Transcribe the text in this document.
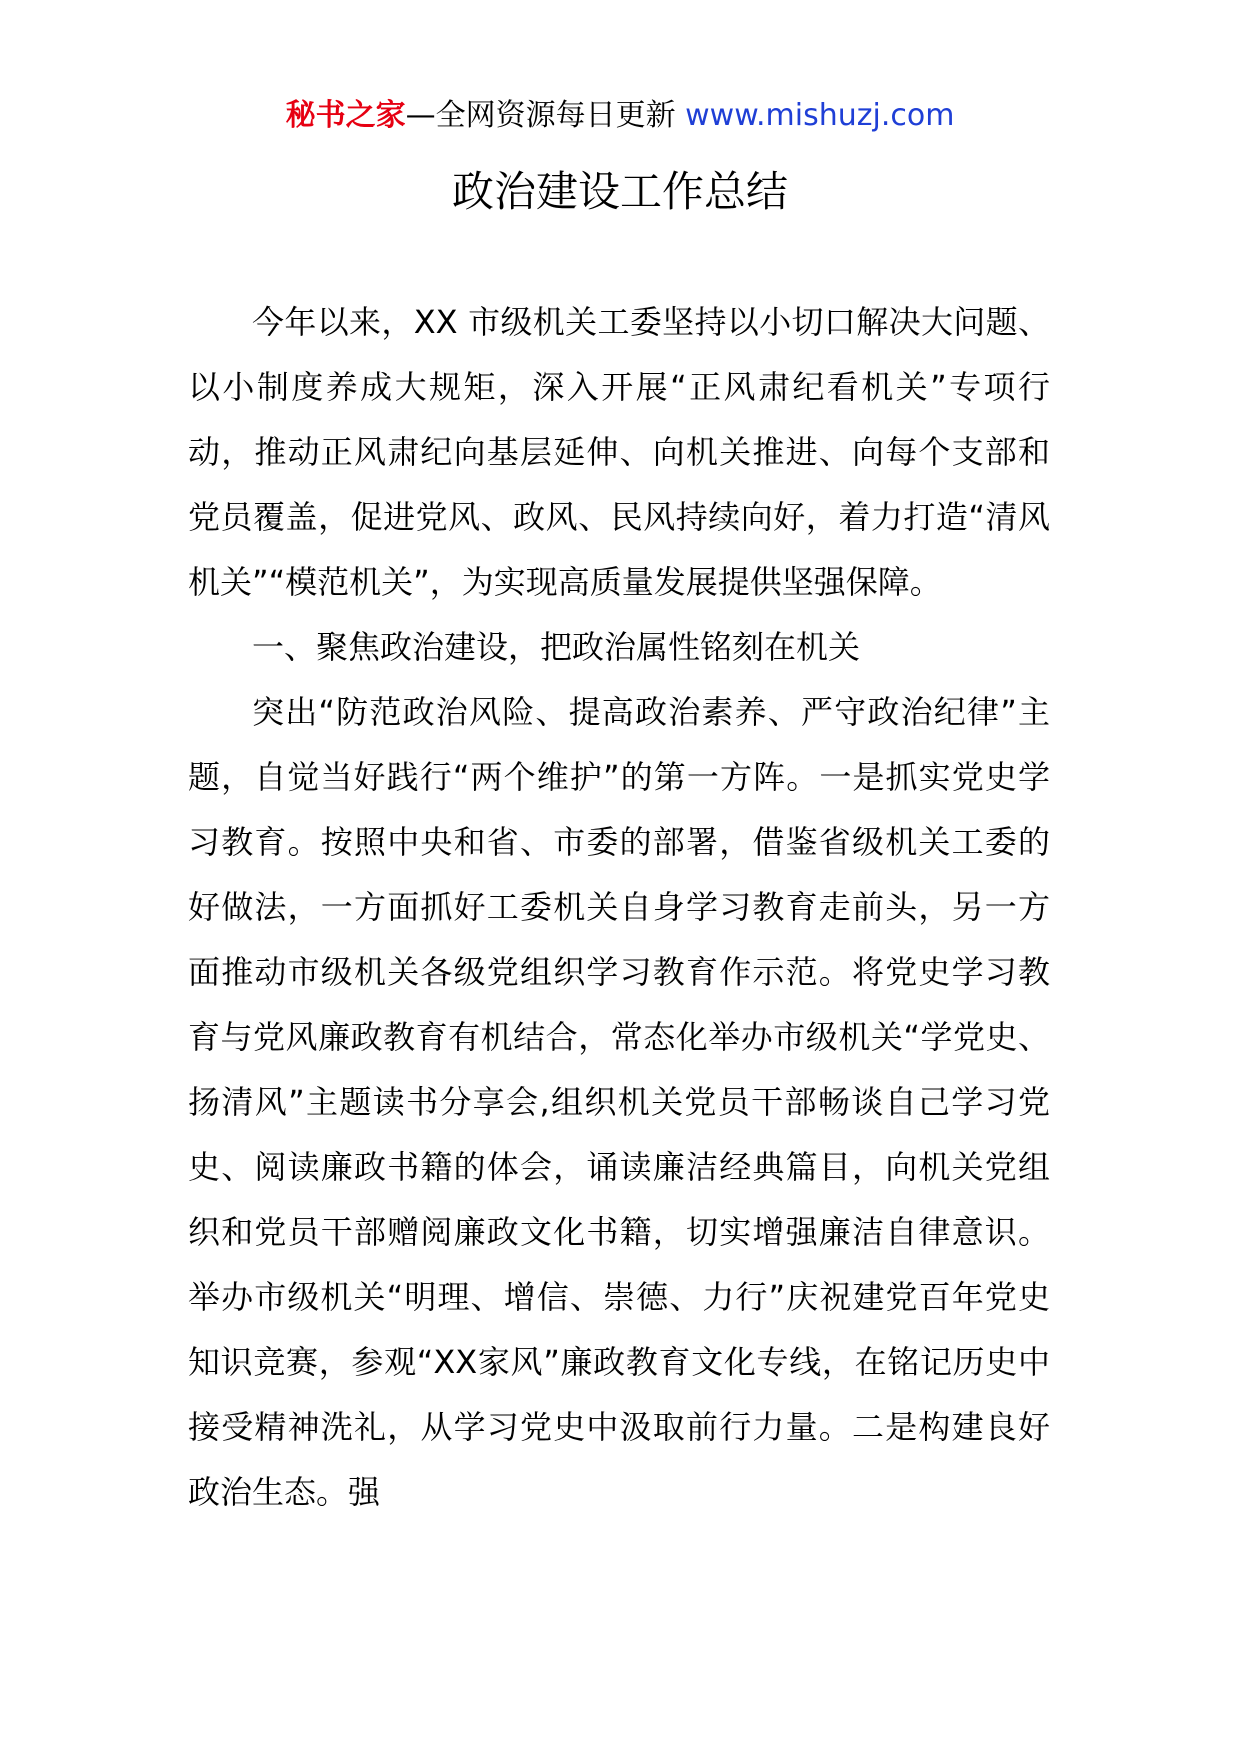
秘书之家—全网资源每日更新 www.mishuzj.com
政治建设工作总结

今年以来，XX 市级机关工委坚持以小切口解决大问题、以小制度养成大规矩，深入开展“正风肃纪看机关”专项行动，推动正风肃纪向基层延伸、向机关推进、向每个支部和党员覆盖，促进党风、政风、民风持续向好，着力打造“清风机关”“模范机关”，为实现高质量发展提供坚强保障。

一、聚焦政治建设，把政治属性铭刻在机关

突出“防范政治风险、提高政治素养、严守政治纪律”主题，自觉当好践行“两个维护”的第一方阵。一是抓实党史学习教育。按照中央和省、市委的部署，借鉴省级机关工委的好做法，一方面抓好工委机关自身学习教育走前头，另一方面推动市级机关各级党组织学习教育作示范。将党史学习教育与党风廉政教育有机结合，常态化举办市级机关“学党史、扬清风”主题读书分享会,组织机关党员干部畅谈自己学习党史、阅读廉政书籍的体会，诵读廉洁经典篇目，向机关党组织和党员干部赠阅廉政文化书籍，切实增强廉洁自律意识。举办市级机关“明理、增信、崇德、力行”庆祝建党百年党史知识竞赛，参观“XX家风”廉政教育文化专线，在铭记历史中接受精神洗礼，从学习党史中汲取前行力量。二是构建良好政治生态。强
